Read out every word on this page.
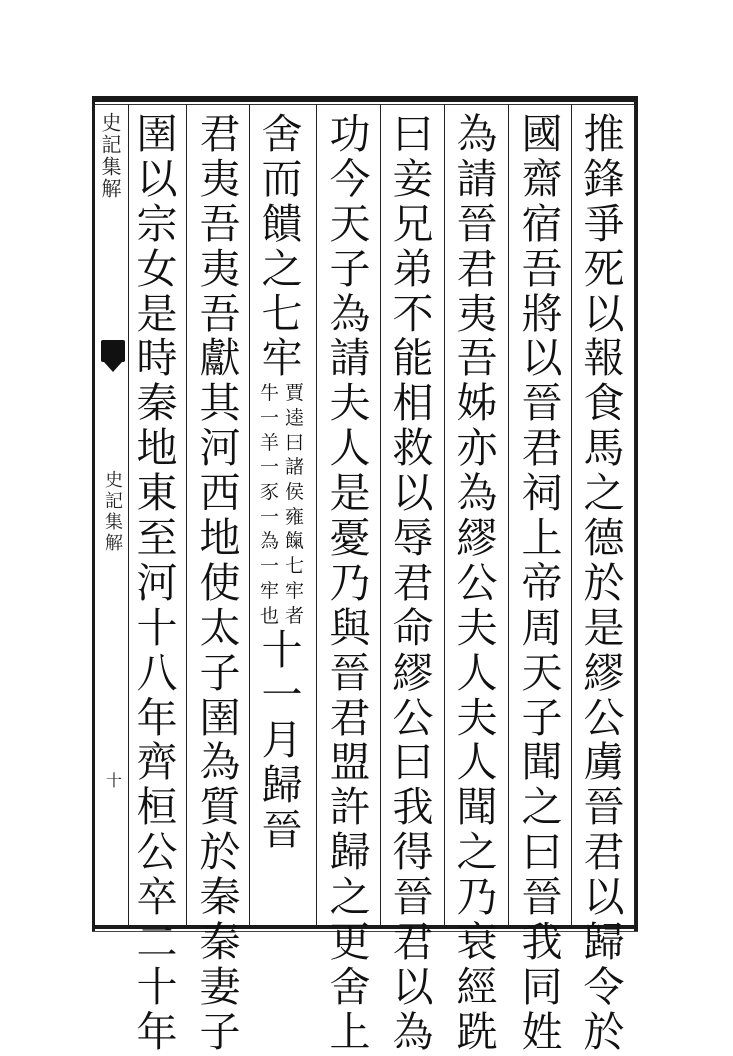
史記集解
史記集解
十
推
鋒
爭
死
以
報
食
馬
之
德
於
是
繆
公
虜
晉
君
以
歸
令
於
國
齋
宿
吾
將
以
晉
君
祠
上
帝
周
天
子
聞
之
曰
晉
我
同
姓
為
請
晉
君
夷
吾
姊
亦
為
繆
公
夫
人
夫
人
聞
之
乃
衰
經
跣
曰
妾
兄
弟
不
能
相
救
以
辱
君
命
繆
公
曰
我
得
晉
君
以
為
功
今
天
子
為
請
夫
人
是
憂
乃
與
晉
君
盟
許
歸
之
更
舍
上
舍
而
饋
之
七
牢
牛
一
羊
一
豕
一
為
一
牢
也
賈
逵
曰
諸
侯
雍
餼
七
牢
者
十
一
月
歸
晉
君
夷
吾
夷
吾
獻
其
河
西
地
使
太
子
圉
為
質
於
秦
秦
妻
子
圉
以
宗
女
是
時
秦
地
東
至
河
十
八
年
齊
桓
公
卒
二
十
年
